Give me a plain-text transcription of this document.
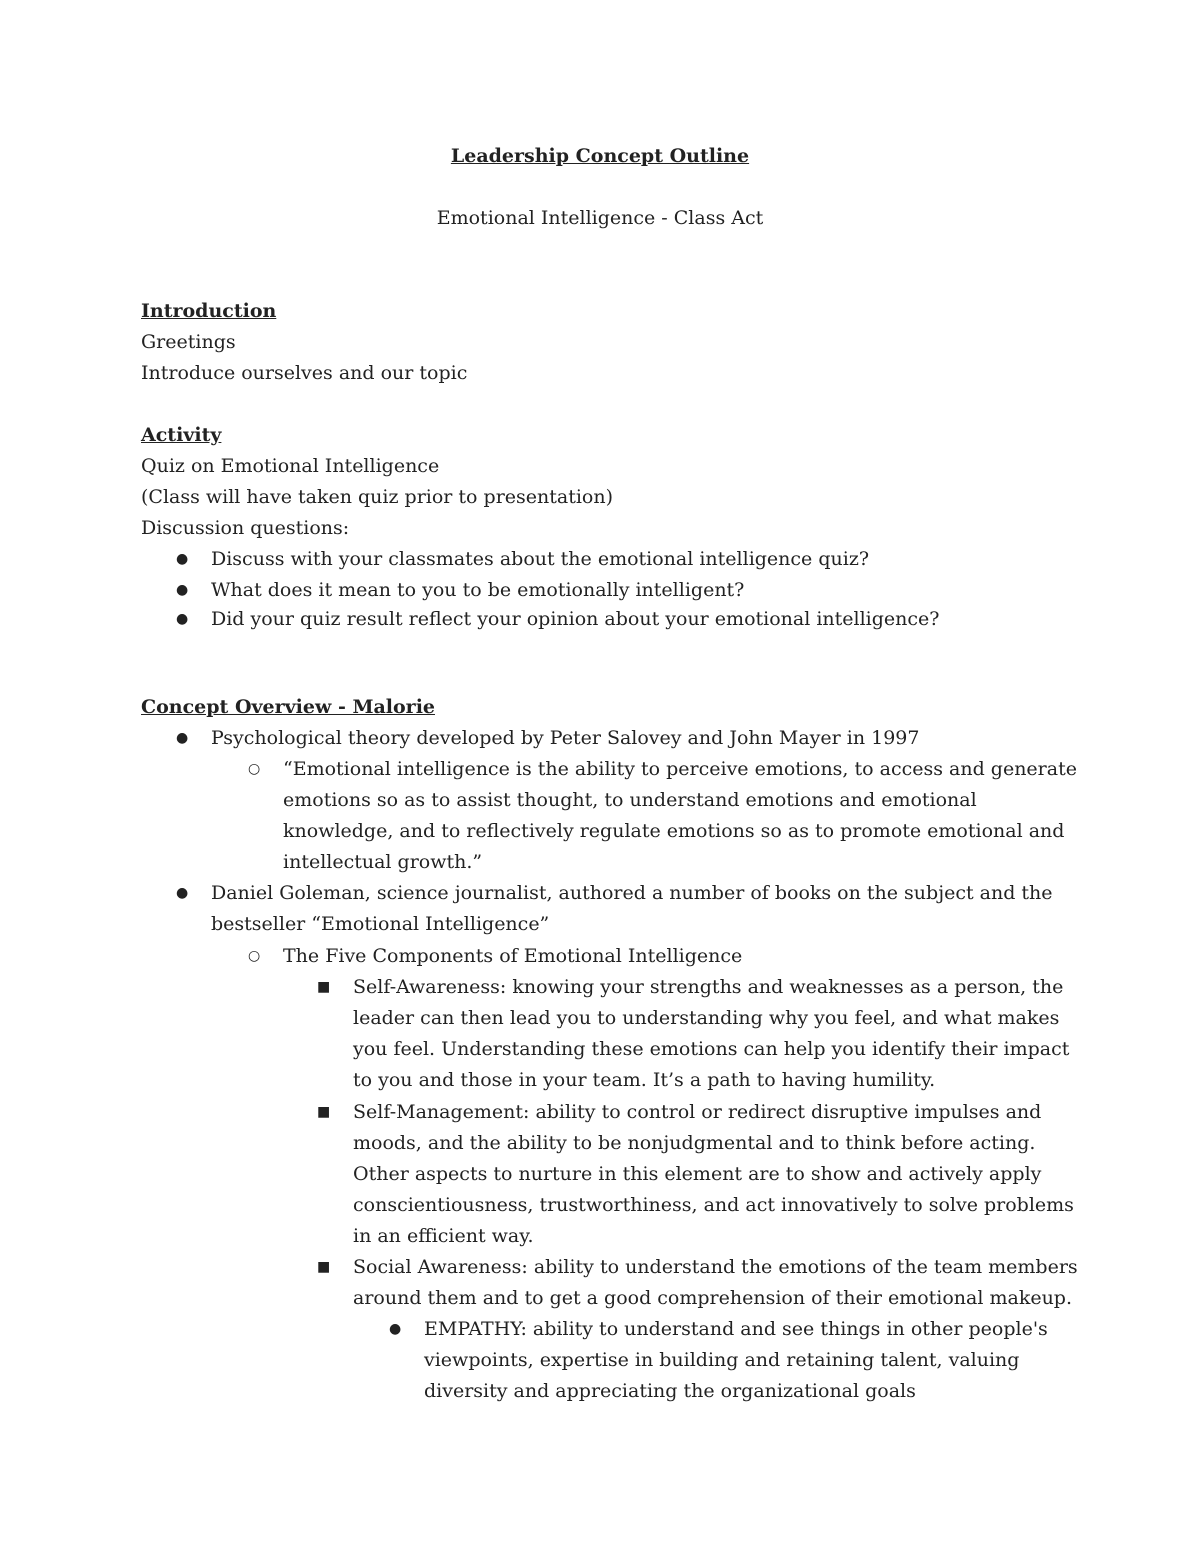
Leadership Concept Outline
Emotional Intelligence - Class Act
Introduction
Greetings
Introduce ourselves and our topic
Activity
Quiz on Emotional Intelligence
(Class will have taken quiz prior to presentation)
Discussion questions:
● Discuss with your classmates about the emotional intelligence quiz?
● What does it mean to you to be emotionally intelligent?
● Did your quiz result reflect your opinion about your emotional intelligence?
Concept Overview - Malorie
● Psychological theory developed by Peter Salovey and John Mayer in 1997
○ “Emotional intelligence is the ability to perceive emotions, to access and generate
emotions so as to assist thought, to understand emotions and emotional
knowledge, and to reflectively regulate emotions so as to promote emotional and
intellectual growth.”
● Daniel Goleman, science journalist, authored a number of books on the subject and the
bestseller “Emotional Intelligence”
○ The Five Components of Emotional Intelligence
■ Self-Awareness: knowing your strengths and weaknesses as a person, the
leader can then lead you to understanding why you feel, and what makes
you feel. Understanding these emotions can help you identify their impact
to you and those in your team. It’s a path to having humility.
■ Self-Management: ability to control or redirect disruptive impulses and
moods, and the ability to be nonjudgmental and to think before acting.
Other aspects to nurture in this element are to show and actively apply
conscientiousness, trustworthiness, and act innovatively to solve problems
in an efficient way.
■ Social Awareness: ability to understand the emotions of the team members
around them and to get a good comprehension of their emotional makeup.
● EMPATHY: ability to understand and see things in other people's
viewpoints, expertise in building and retaining talent, valuing
diversity and appreciating the organizational goals
